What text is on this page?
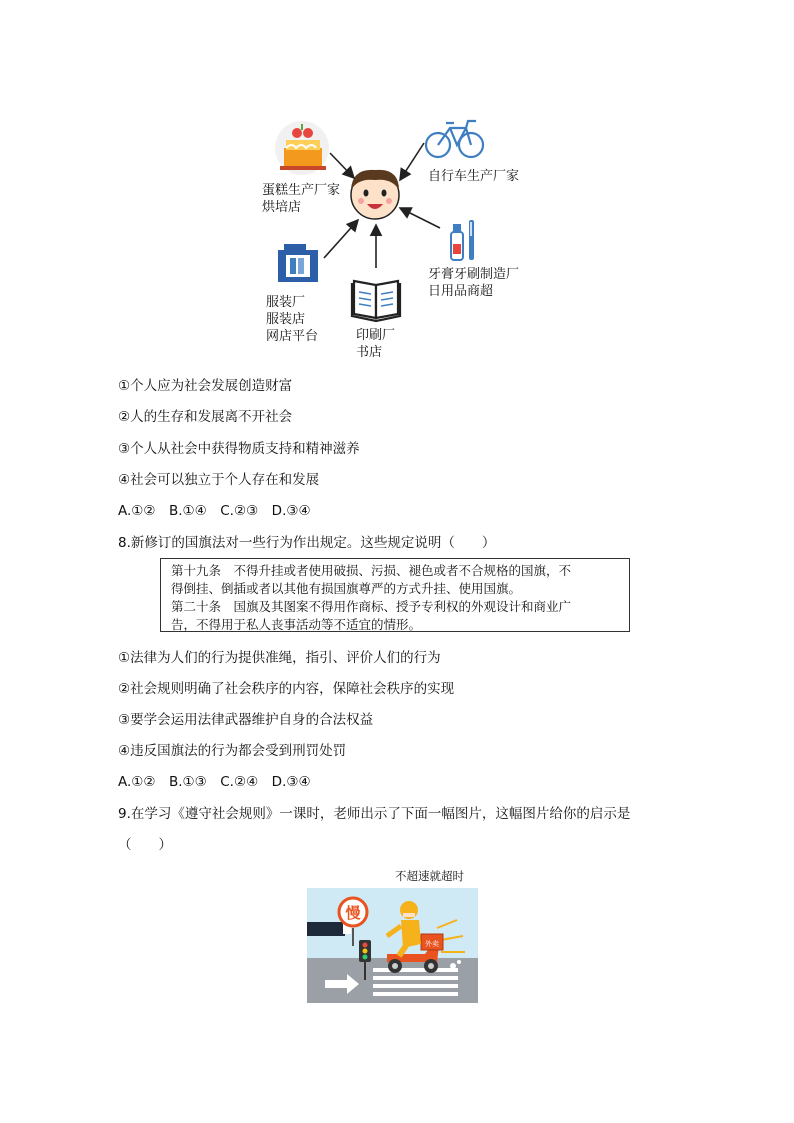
蛋糕生产厂家
烘培店
自行车生产厂家
牙膏牙刷制造厂
日用品商超
服装厂
服装店
网店平台	印刷厂
书店
①个人应为社会发展创造财富
②人的生存和发展离不开社会
③个人从社会中获得物质支持和精神滋养
④社会可以独立于个人存在和发展
A.①②　B.①④　C.②③　D.③④
8.新修订的国旗法对一些行为作出规定。这些规定说明（　　）
第十九条　不得升挂或者使用破损、污损、褪色或者不合规格的国旗，不
得倒挂、倒插或者以其他有损国旗尊严的方式升挂、使用国旗。
第二十条　国旗及其图案不得用作商标、授予专利权的外观设计和商业广
告，不得用于私人丧事活动等不适宜的情形。
①法律为人们的行为提供准绳，指引、评价人们的行为
②社会规则明确了社会秩序的内容，保障社会秩序的实现
③要学会运用法律武器维护自身的合法权益
④违反国旗法的行为都会受到刑罚处罚
A.①②　B.①③　C.②④　D.③④
9.在学习《遵守社会规则》一课时，老师出示了下面一幅图片，这幅图片给你的启示是
（　　）
不超速就超时
慢
外卖
